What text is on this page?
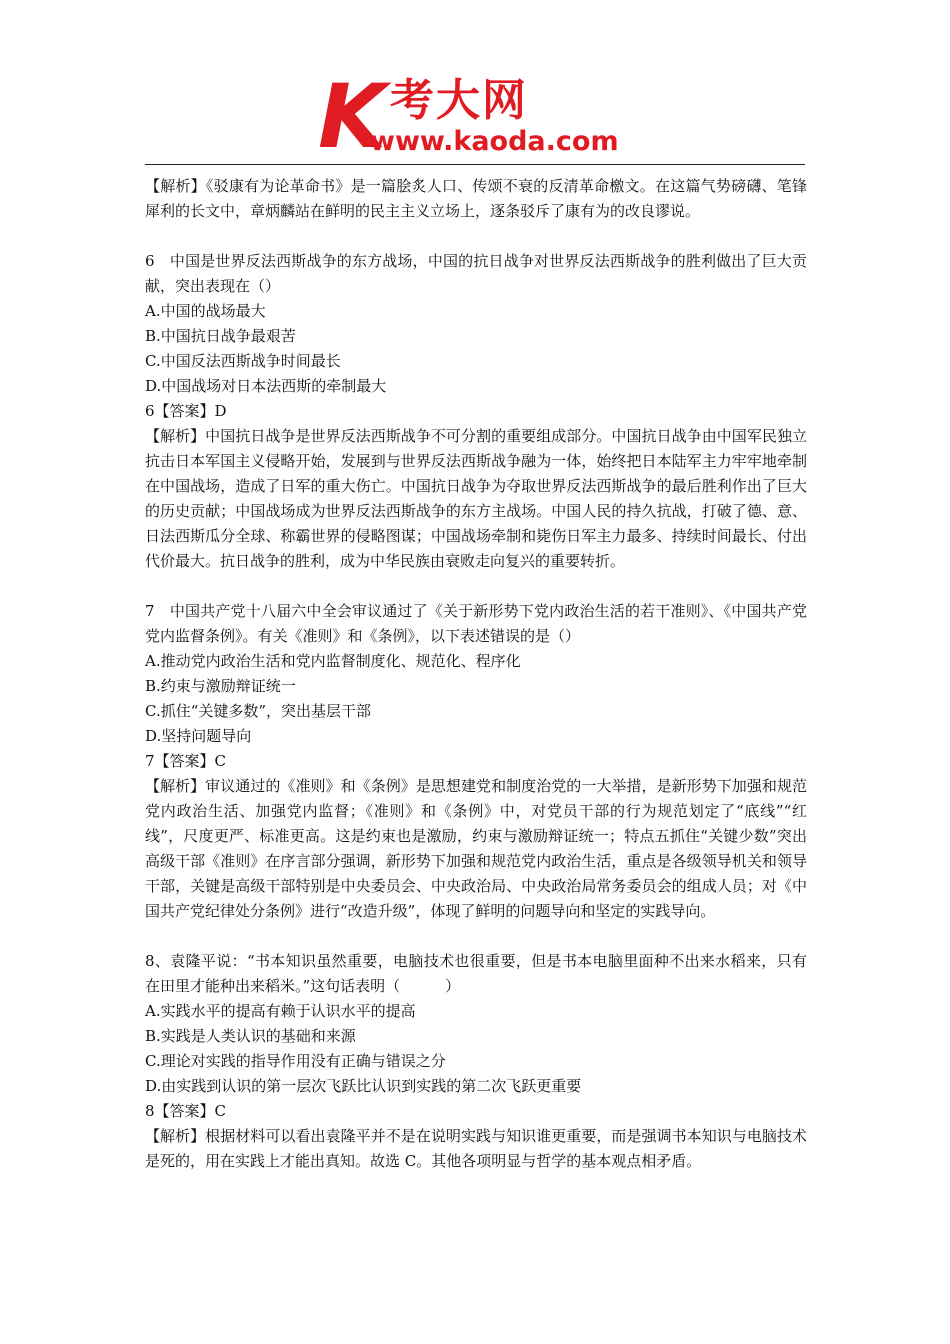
K 考大网
www.kaoda.com

【解析】《驳康有为论革命书》是一篇脍炙人口、传颂不衰的反清革命檄文。在这篇气势磅礴、笔锋犀利的长文中，章炳麟站在鲜明的民主主义立场上，逐条驳斥了康有为的改良谬说。

6　中国是世界反法西斯战争的东方战场，中国的抗日战争对世界反法西斯战争的胜利做出了巨大贡献，突出表现在（）

A.中国的战场最大

B.中国抗日战争最艰苦

C.中国反法西斯战争时间最长

D.中国战场对日本法西斯的牵制最大

6【答案】D

【解析】中国抗日战争是世界反法西斯战争不可分割的重要组成部分。中国抗日战争由中国军民独立抗击日本军国主义侵略开始，发展到与世界反法西斯战争融为一体，始终把日本陆军主力牢牢地牵制在中国战场，造成了日军的重大伤亡。中国抗日战争为夺取世界反法西斯战争的最后胜利作出了巨大的历史贡献；中国战场成为世界反法西斯战争的东方主战场。中国人民的持久抗战，打破了德、意、日法西斯瓜分全球、称霸世界的侵略图谋；中国战场牵制和毙伤日军主力最多、持续时间最长、付出代价最大。抗日战争的胜利，成为中华民族由衰败走向复兴的重要转折。

7　中国共产党十八届六中全会审议通过了《关于新形势下党内政治生活的若干准则》、《中国共产党党内监督条例》。有关《准则》和《条例》，以下表述错误的是（）

A.推动党内政治生活和党内监督制度化、规范化、程序化

B.约束与激励辩证统一

C.抓住“关键多数”，突出基层干部

D.坚持问题导向

7【答案】C

【解析】审议通过的《准则》和《条例》是思想建党和制度治党的一大举措，是新形势下加强和规范党内政治生活、加强党内监督；《准则》和《条例》中，对党员干部的行为规范划定了“底线”“红线”，尺度更严、标准更高。这是约束也是激励，约束与激励辩证统一；特点五抓住“关键少数”突出高级干部《准则》在序言部分强调，新形势下加强和规范党内政治生活，重点是各级领导机关和领导干部，关键是高级干部特别是中央委员会、中央政治局、中央政治局常务委员会的组成人员；对《中国共产党纪律处分条例》进行“改造升级”，体现了鲜明的问题导向和坚定的实践导向。

8、袁隆平说：“书本知识虽然重要，电脑技术也很重要，但是书本电脑里面种不出来水稻来，只有在田里才能种出来稻米。”这句话表明（　　　）

A.实践水平的提高有赖于认识水平的提高

B.实践是人类认识的基础和来源

C.理论对实践的指导作用没有正确与错误之分

D.由实践到认识的第一层次飞跃比认识到实践的第二次飞跃更重要

8【答案】C

【解析】根据材料可以看出袁隆平并不是在说明实践与知识谁更重要，而是强调书本知识与电脑技术是死的，用在实践上才能出真知。故选 C。其他各项明显与哲学的基本观点相矛盾。
